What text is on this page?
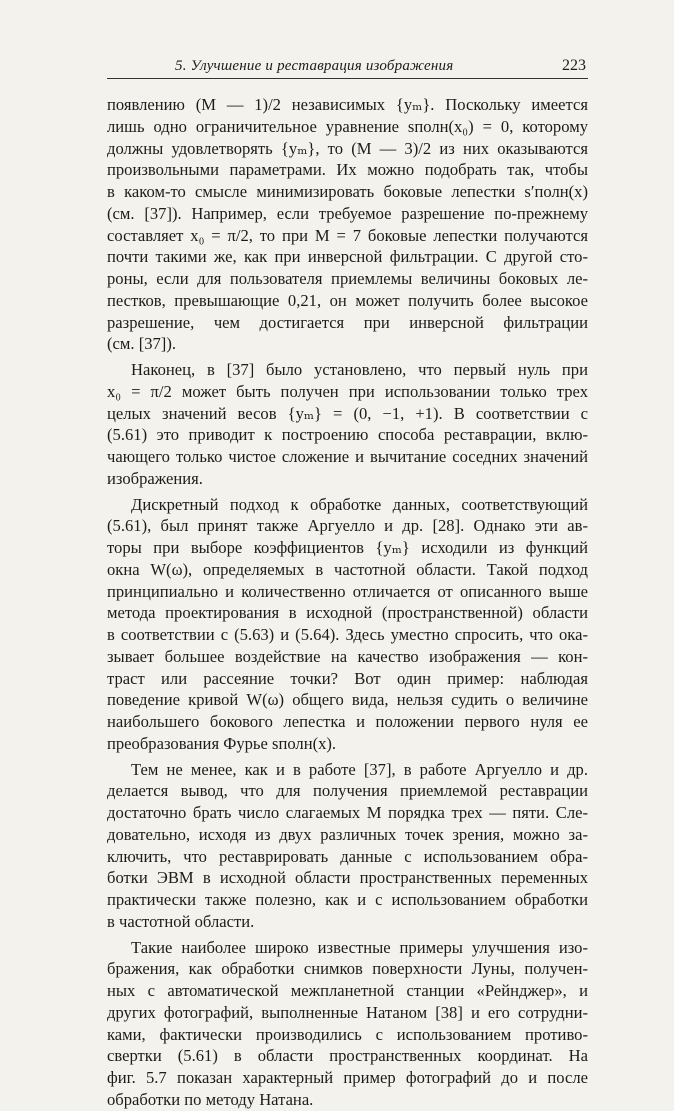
5. Улучшение и реставрация изображения	223
появлению (M — 1)/2 независимых {yₘ}. Поскольку имеется
лишь одно ограничительное уравнение sполн(x₀) = 0, которому
должны удовлетворять {yₘ}, то (M — 3)/2 из них оказываются
произвольными параметрами. Их можно подобрать так, чтобы
в каком-то смысле минимизировать боковые лепестки s′полн(x)
(см. [37]). Например, если требуемое разрешение по-прежнему
составляет x₀ = π/2, то при M = 7 боковые лепестки получаются
почти такими же, как при инверсной фильтрации. С другой сто-
роны, если для пользователя приемлемы величины боковых ле-
пестков, превышающие 0,21, он может получить более высокое
разрешение, чем достигается при инверсной фильтрации
(см. [37]).
Наконец, в [37] было установлено, что первый нуль при
x₀ = π/2 может быть получен при использовании только трех
целых значений весов {yₘ} = (0, −1, +1). В соответствии с
(5.61) это приводит к построению способа реставрации, вклю-
чающего только чистое сложение и вычитание соседних значений
изображения.
Дискретный подход к обработке данных, соответствующий
(5.61), был принят также Аргуелло и др. [28]. Однако эти ав-
торы при выборе коэффициентов {yₘ} исходили из функций
окна W(ω), определяемых в частотной области. Такой подход
принципиально и количественно отличается от описанного выше
метода проектирования в исходной (пространственной) области
в соответствии с (5.63) и (5.64). Здесь уместно спросить, что ока-
зывает большее воздействие на качество изображения — кон-
траст или рассеяние точки? Вот один пример: наблюдая
поведение кривой W(ω) общего вида, нельзя судить о величине
наибольшего бокового лепестка и положении первого нуля ее
преобразования Фурье sполн(x).
Тем не менее, как и в работе [37], в работе Аргуелло и др.
делается вывод, что для получения приемлемой реставрации
достаточно брать число слагаемых M порядка трех — пяти. Сле-
довательно, исходя из двух различных точек зрения, можно за-
ключить, что реставрировать данные с использованием обра-
ботки ЭВМ в исходной области пространственных переменных
практически также полезно, как и с использованием обработки
в частотной области.
Такие наиболее широко известные примеры улучшения изо-
бражения, как обработки снимков поверхности Луны, получен-
ных с автоматической межпланетной станции «Рейнджер», и
других фотографий, выполненные Натаном [38] и его сотрудни-
ками, фактически производились с использованием противо-
свертки (5.61) в области пространственных координат. На
фиг. 5.7 показан характерный пример фотографий до и после
обработки по методу Натана.
